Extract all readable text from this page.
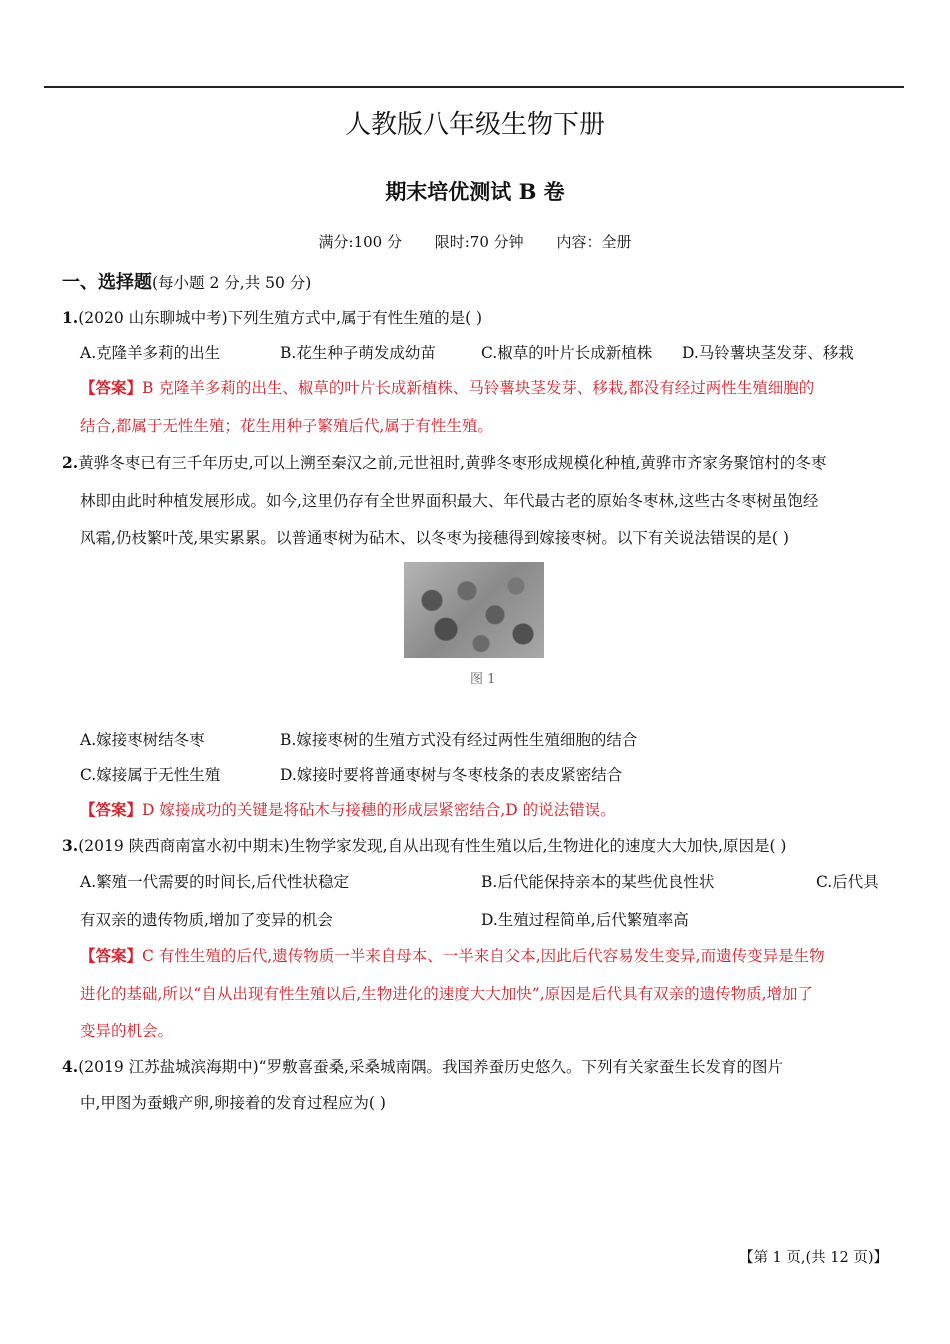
人教版八年级生物下册
期末培优测试 B 卷
满分:100 分 限时:70 分钟 内容：全册
一、选择题(每小题 2 分,共 50 分)
1.(2020 山东聊城中考)下列生殖方式中,属于有性生殖的是( )
A.克隆羊多莉的出生	B.花生种子萌发成幼苗	C.椒草的叶片长成新植株 D.马铃薯块茎发芽、移栽
【答案】B 克隆羊多莉的出生、椒草的叶片长成新植株、马铃薯块茎发芽、移栽,都没有经过两性生殖细胞的
结合,都属于无性生殖；花生用种子繁殖后代,属于有性生殖。
2.黄骅冬枣已有三千年历史,可以上溯至秦汉之前,元世祖时,黄骅冬枣形成规模化种植,黄骅市齐家务聚馆村的冬枣
林即由此时种植发展形成。如今,这里仍存有全世界面积最大、年代最古老的原始冬枣林,这些古冬枣树虽饱经
风霜,仍枝繁叶茂,果实累累。以普通枣树为砧木、以冬枣为接穗得到嫁接枣树。以下有关说法错误的是( )
图 1
A.嫁接枣树结冬枣	B.嫁接枣树的生殖方式没有经过两性生殖细胞的结合
C.嫁接属于无性生殖	D.嫁接时要将普通枣树与冬枣枝条的表皮紧密结合
【答案】D 嫁接成功的关键是将砧木与接穗的形成层紧密结合,D 的说法错误。
3.(2019 陕西商南富水初中期末)生物学家发现,自从出现有性生殖以后,生物进化的速度大大加快,原因是( )
A.繁殖一代需要的时间长,后代性状稳定	B.后代能保持亲本的某些优良性状	C.后代具
有双亲的遗传物质,增加了变异的机会	D.生殖过程简单,后代繁殖率高
【答案】C 有性生殖的后代,遗传物质一半来自母本、一半来自父本,因此后代容易发生变异,而遗传变异是生物
进化的基础,所以“自从出现有性生殖以后,生物进化的速度大大加快”,原因是后代具有双亲的遗传物质,增加了
变异的机会。
4.(2019 江苏盐城滨海期中)“罗敷喜蚕桑,采桑城南隅。我国养蚕历史悠久。下列有关家蚕生长发育的图片
中,甲图为蚕蛾产卵,卵接着的发育过程应为( )
【第 1 页,(共 12 页)】
